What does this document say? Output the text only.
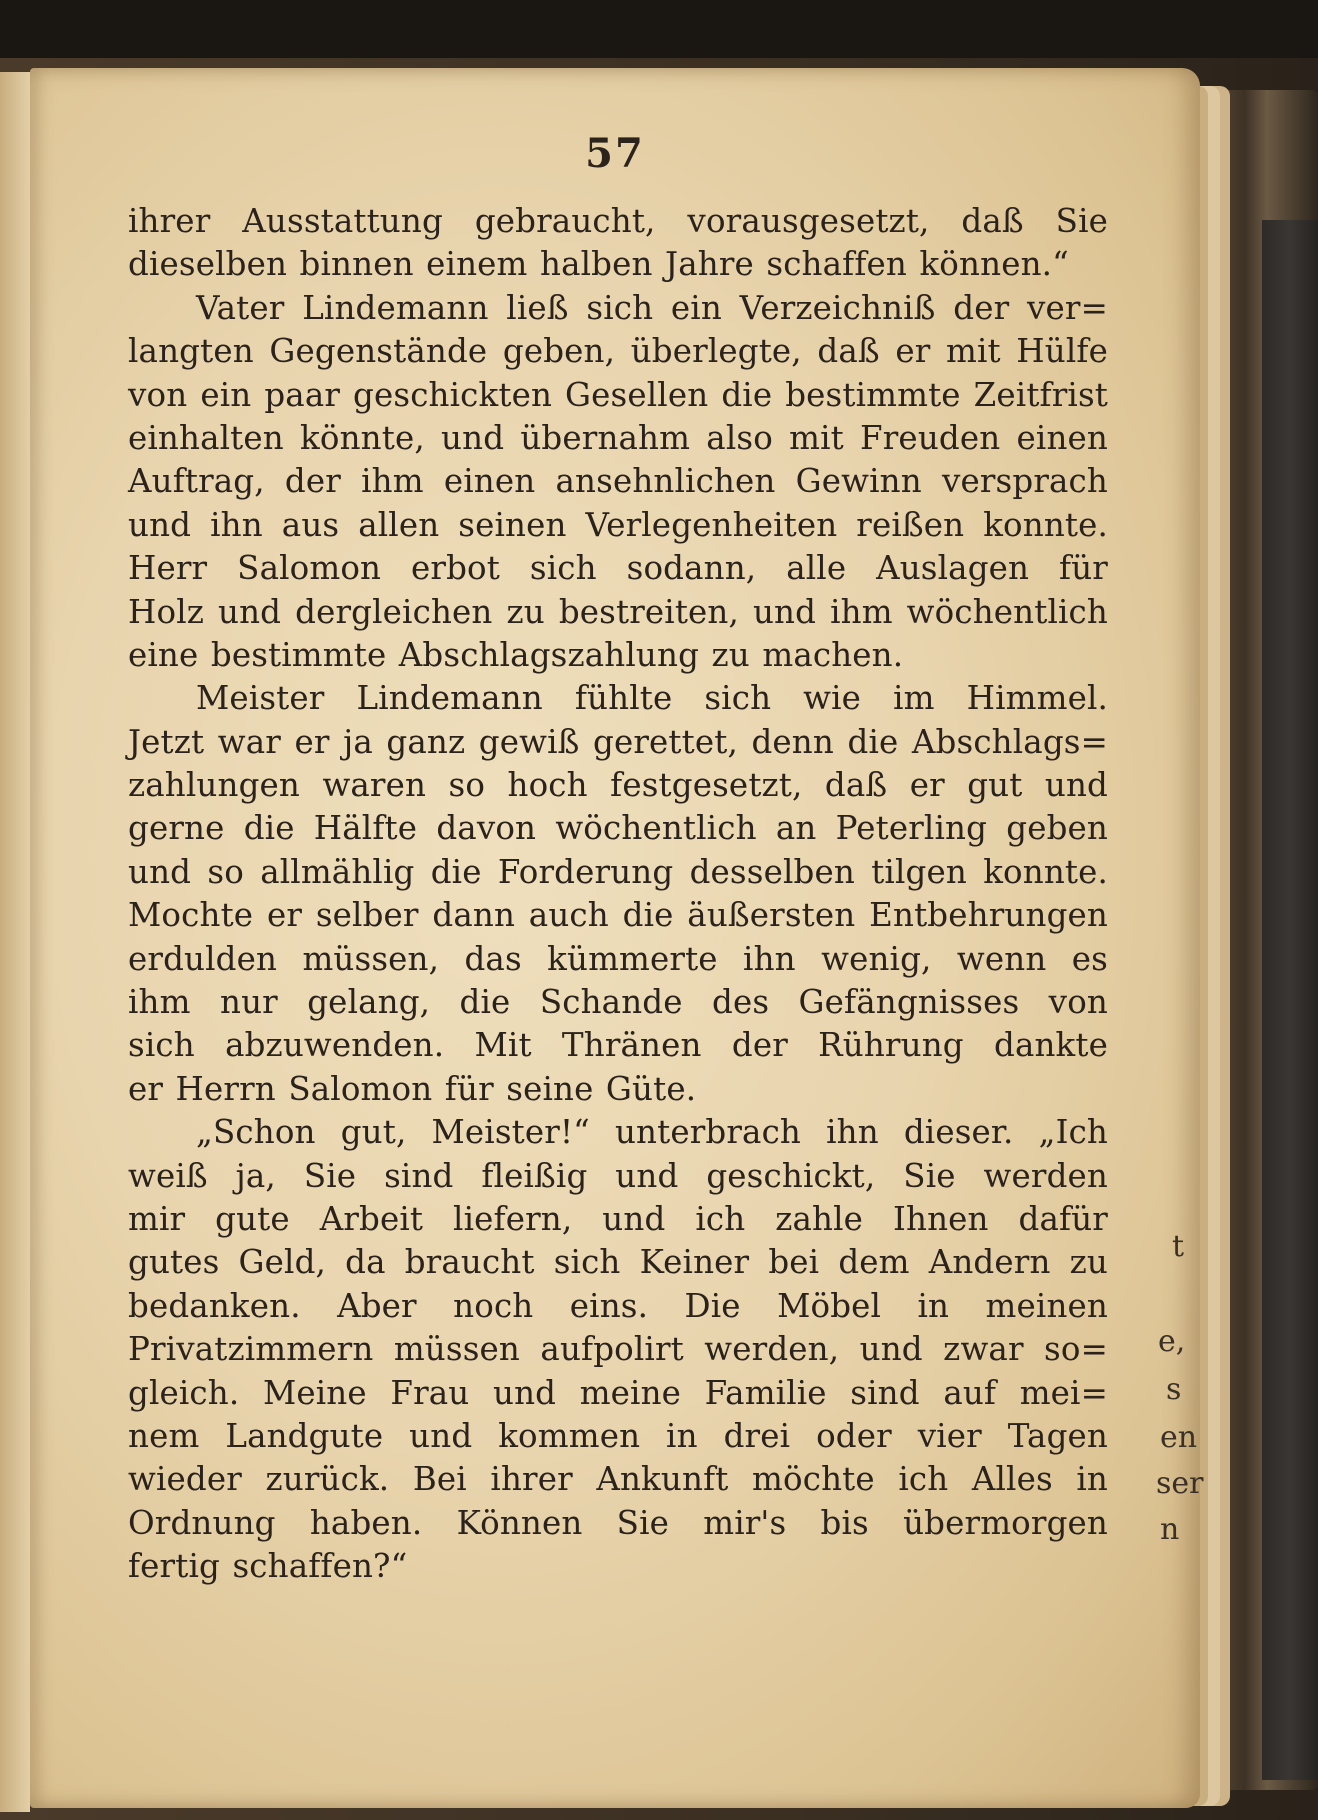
57
ihrer Ausstattung gebraucht, vorausgesetzt, daß Sie
dieselben binnen einem halben Jahre schaffen können.“
Vater Lindemann ließ sich ein Verzeichniß der ver=
langten Gegenstände geben, überlegte, daß er mit Hülfe
von ein paar geschickten Gesellen die bestimmte Zeitfrist
einhalten könnte, und übernahm also mit Freuden einen
Auftrag, der ihm einen ansehnlichen Gewinn versprach
und ihn aus allen seinen Verlegenheiten reißen konnte.
Herr Salomon erbot sich sodann, alle Auslagen für
Holz und dergleichen zu bestreiten, und ihm wöchentlich
eine bestimmte Abschlagszahlung zu machen.
Meister Lindemann fühlte sich wie im Himmel.
Jetzt war er ja ganz gewiß gerettet, denn die Abschlags=
zahlungen waren so hoch festgesetzt, daß er gut und
gerne die Hälfte davon wöchentlich an Peterling geben
und so allmählig die Forderung desselben tilgen konnte.
Mochte er selber dann auch die äußersten Entbehrungen
erdulden müssen, das kümmerte ihn wenig, wenn es
ihm nur gelang, die Schande des Gefängnisses von
sich abzuwenden. Mit Thränen der Rührung dankte
er Herrn Salomon für seine Güte.
„Schon gut, Meister!“ unterbrach ihn dieser. „Ich
weiß ja, Sie sind fleißig und geschickt, Sie werden
mir gute Arbeit liefern, und ich zahle Ihnen dafür
gutes Geld, da braucht sich Keiner bei dem Andern zu
bedanken. Aber noch eins. Die Möbel in meinen
Privatzimmern müssen aufpolirt werden, und zwar so=
gleich. Meine Frau und meine Familie sind auf mei=
nem Landgute und kommen in drei oder vier Tagen
wieder zurück. Bei ihrer Ankunft möchte ich Alles in
Ordnung haben. Können Sie mir's bis übermorgen
fertig schaffen?“
t
e,
s
en
ser
n
